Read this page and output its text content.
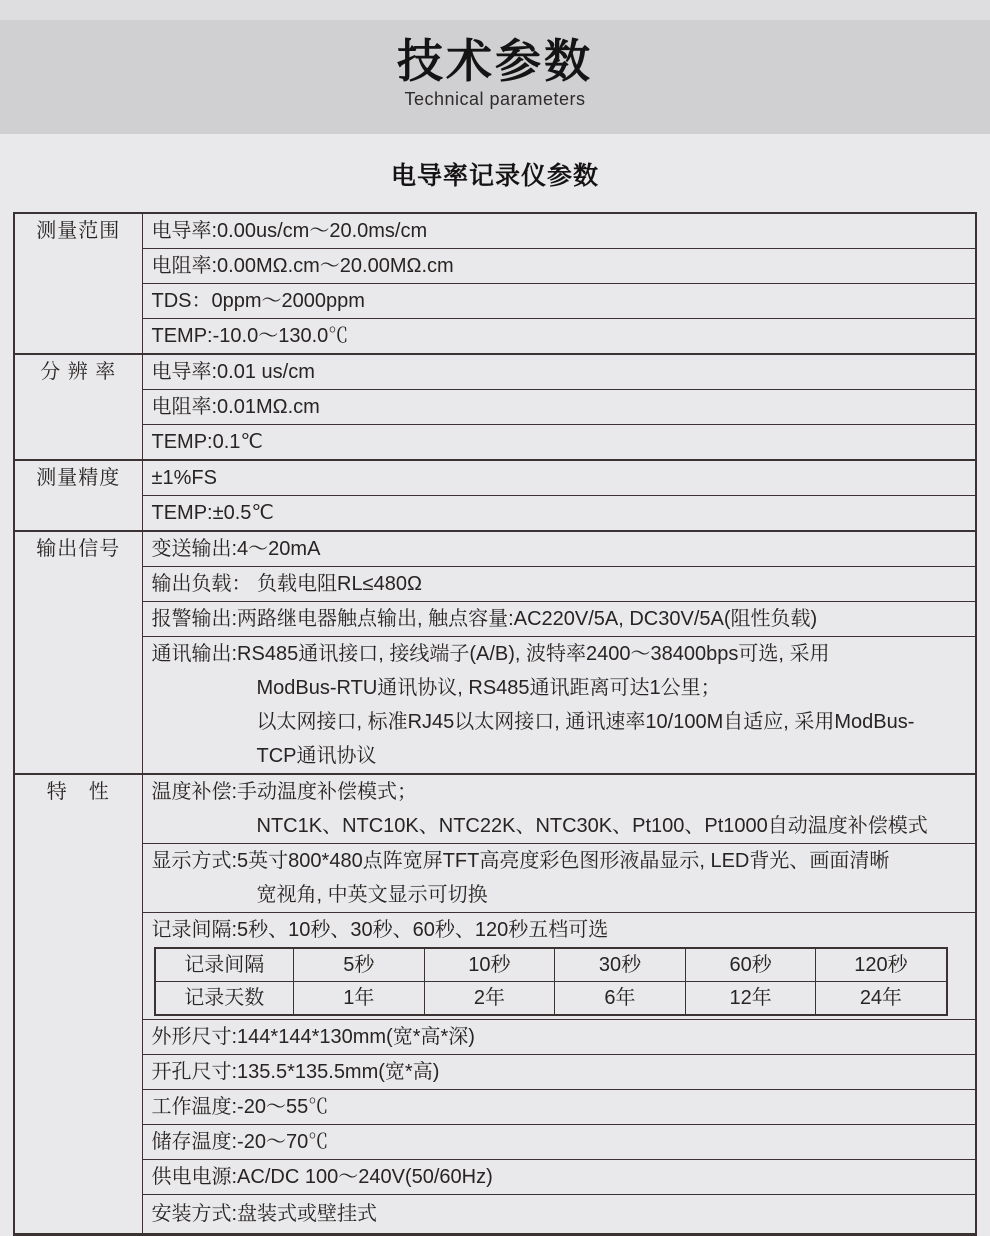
技术参数
Technical parameters
电导率记录仪参数
测量范围	电导率:0.00us/cm～20.0ms/cm

电阻率:0.00MΩ.cm～20.00MΩ.cm

TDS：0ppm～2000ppm

TEMP:-10.0～130.0℃

分 辨 率	电导率:0.01 us/cm

电阻率:0.01MΩ.cm

TEMP:0.1℃

测量精度	±1%FS

TEMP:±0.5℃

输出信号	变送输出:4～20mA

输出负载： 负载电阻RL≤480Ω

报警输出:两路继电器触点输出, 触点容量:AC220V/5A, DC30V/5A(阻性负载)

通讯输出:RS485通讯接口, 接线端子(A/B), 波特率2400～38400bps可选, 采用
ModBus-RTU通讯协议, RS485通讯距离可达1公里；
以太网接口, 标准RJ45以太网接口, 通讯速率10/100M自适应, 采用ModBus-
TCP通讯协议

特　性	温度补偿:手动温度补偿模式；
NTC1K、NTC10K、NTC22K、NTC30K、Pt100、Pt1000自动温度补偿模式

显示方式:5英寸800*480点阵宽屏TFT高亮度彩色图形液晶显示, LED背光、画面清晰
宽视角, 中英文显示可切换

记录间隔:5秒、10秒、30秒、60秒、120秒五档可选
记录间隔	5秒	10秒	30秒	60秒	120秒
记录天数	1年	2年	6年	12年	24年

外形尺寸:144*144*130mm(宽*高*深)

开孔尺寸:135.5*135.5mm(宽*高)

工作温度:-20～55℃

储存温度:-20～70℃

供电电源:AC/DC 100～240V(50/60Hz)

安装方式:盘装式或壁挂式
